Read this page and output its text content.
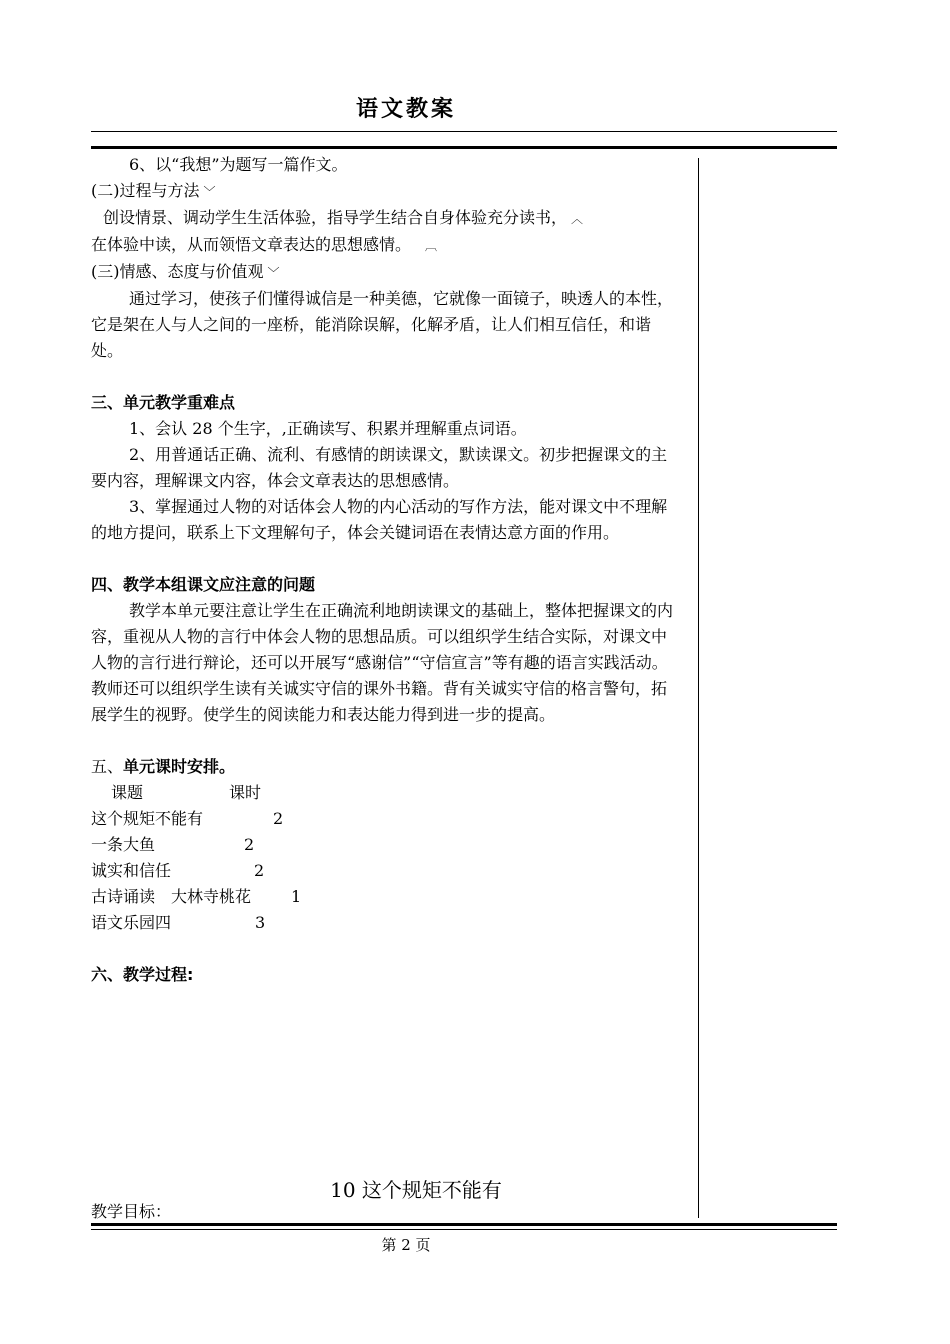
语文教案

6、以“我想”为题写一篇作文。

(二)过程与方法 ﹀

创设情景、调动学生生活体验，指导学生结合自身体验充分读书， ︿

在体验中读，从而领悟文章表达的思想感情。 ︹

(三)情感、态度与价值观 ﹀

通过学习，使孩子们懂得诚信是一种美德，它就像一面镜子，映透人的本性，它是架在人与人之间的一座桥，能消除误解，化解矛盾，让人们相互信任，和谐处。

三、单元教学重难点

1、会认 28 个生字，,正确读写、积累并理解重点词语。

2、用普通话正确、流利、有感情的朗读课文，默读课文。初步把握课文的主要内容，理解课文内容，体会文章表达的思想感情。

3、掌握通过人物的对话体会人物的内心活动的写作方法，能对课文中不理解的地方提问，联系上下文理解句子，体会关键词语在表情达意方面的作用。

四、教学本组课文应注意的问题

教学本单元要注意让学生在正确流利地朗读课文的基础上，整体把握课文的内容，重视从人物的言行中体会人物的思想品质。可以组织学生结合实际，对课文中人物的言行进行辩论，还可以开展写“感谢信”“守信宣言”等有趣的语言实践活动。教师还可以组织学生读有关诚实守信的课外书籍。背有关诚实守信的格言警句，拓展学生的视野。使学生的阅读能力和表达能力得到进一步的提高。

五、单元课时安排。

课题	课时

这个规矩不能有	2

一条大鱼	2

诚实和信任	2

古诗诵读　大林寺桃花 1

语文乐园四	3

六、教学过程:

10 这个规矩不能有
教学目标：
第 2 页
